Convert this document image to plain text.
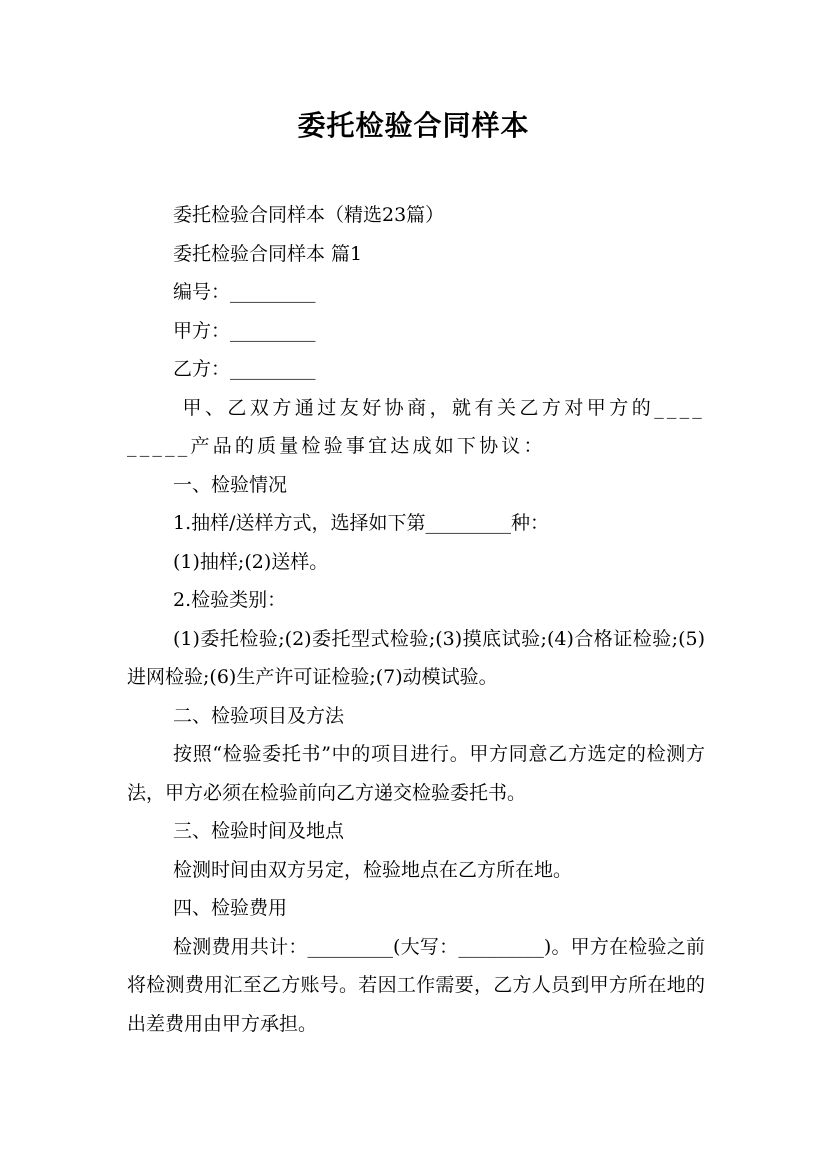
委托检验合同样本

委托检验合同样本（精选23篇）

委托检验合同样本 篇1

编号：_________

甲方：_________

乙方：_________

甲、乙双方通过友好协商，就有关乙方对甲方的_________产品的质量检验事宜达成如下协议：

一、检验情况

1.抽样/送样方式，选择如下第_________种：

(1)抽样;(2)送样。

2.检验类别：

(1)委托检验;(2)委托型式检验;(3)摸底试验;(4)合格证检验;(5)进网检验;(6)生产许可证检验;(7)动模试验。

二、检验项目及方法

按照“检验委托书”中的项目进行。甲方同意乙方选定的检测方法，甲方必须在检验前向乙方递交检验委托书。

三、检验时间及地点

检测时间由双方另定，检验地点在乙方所在地。

四、检验费用

检测费用共计：_________(大写：_________)。甲方在检验之前将检测费用汇至乙方账号。若因工作需要，乙方人员到甲方所在地的出差费用由甲方承担。
